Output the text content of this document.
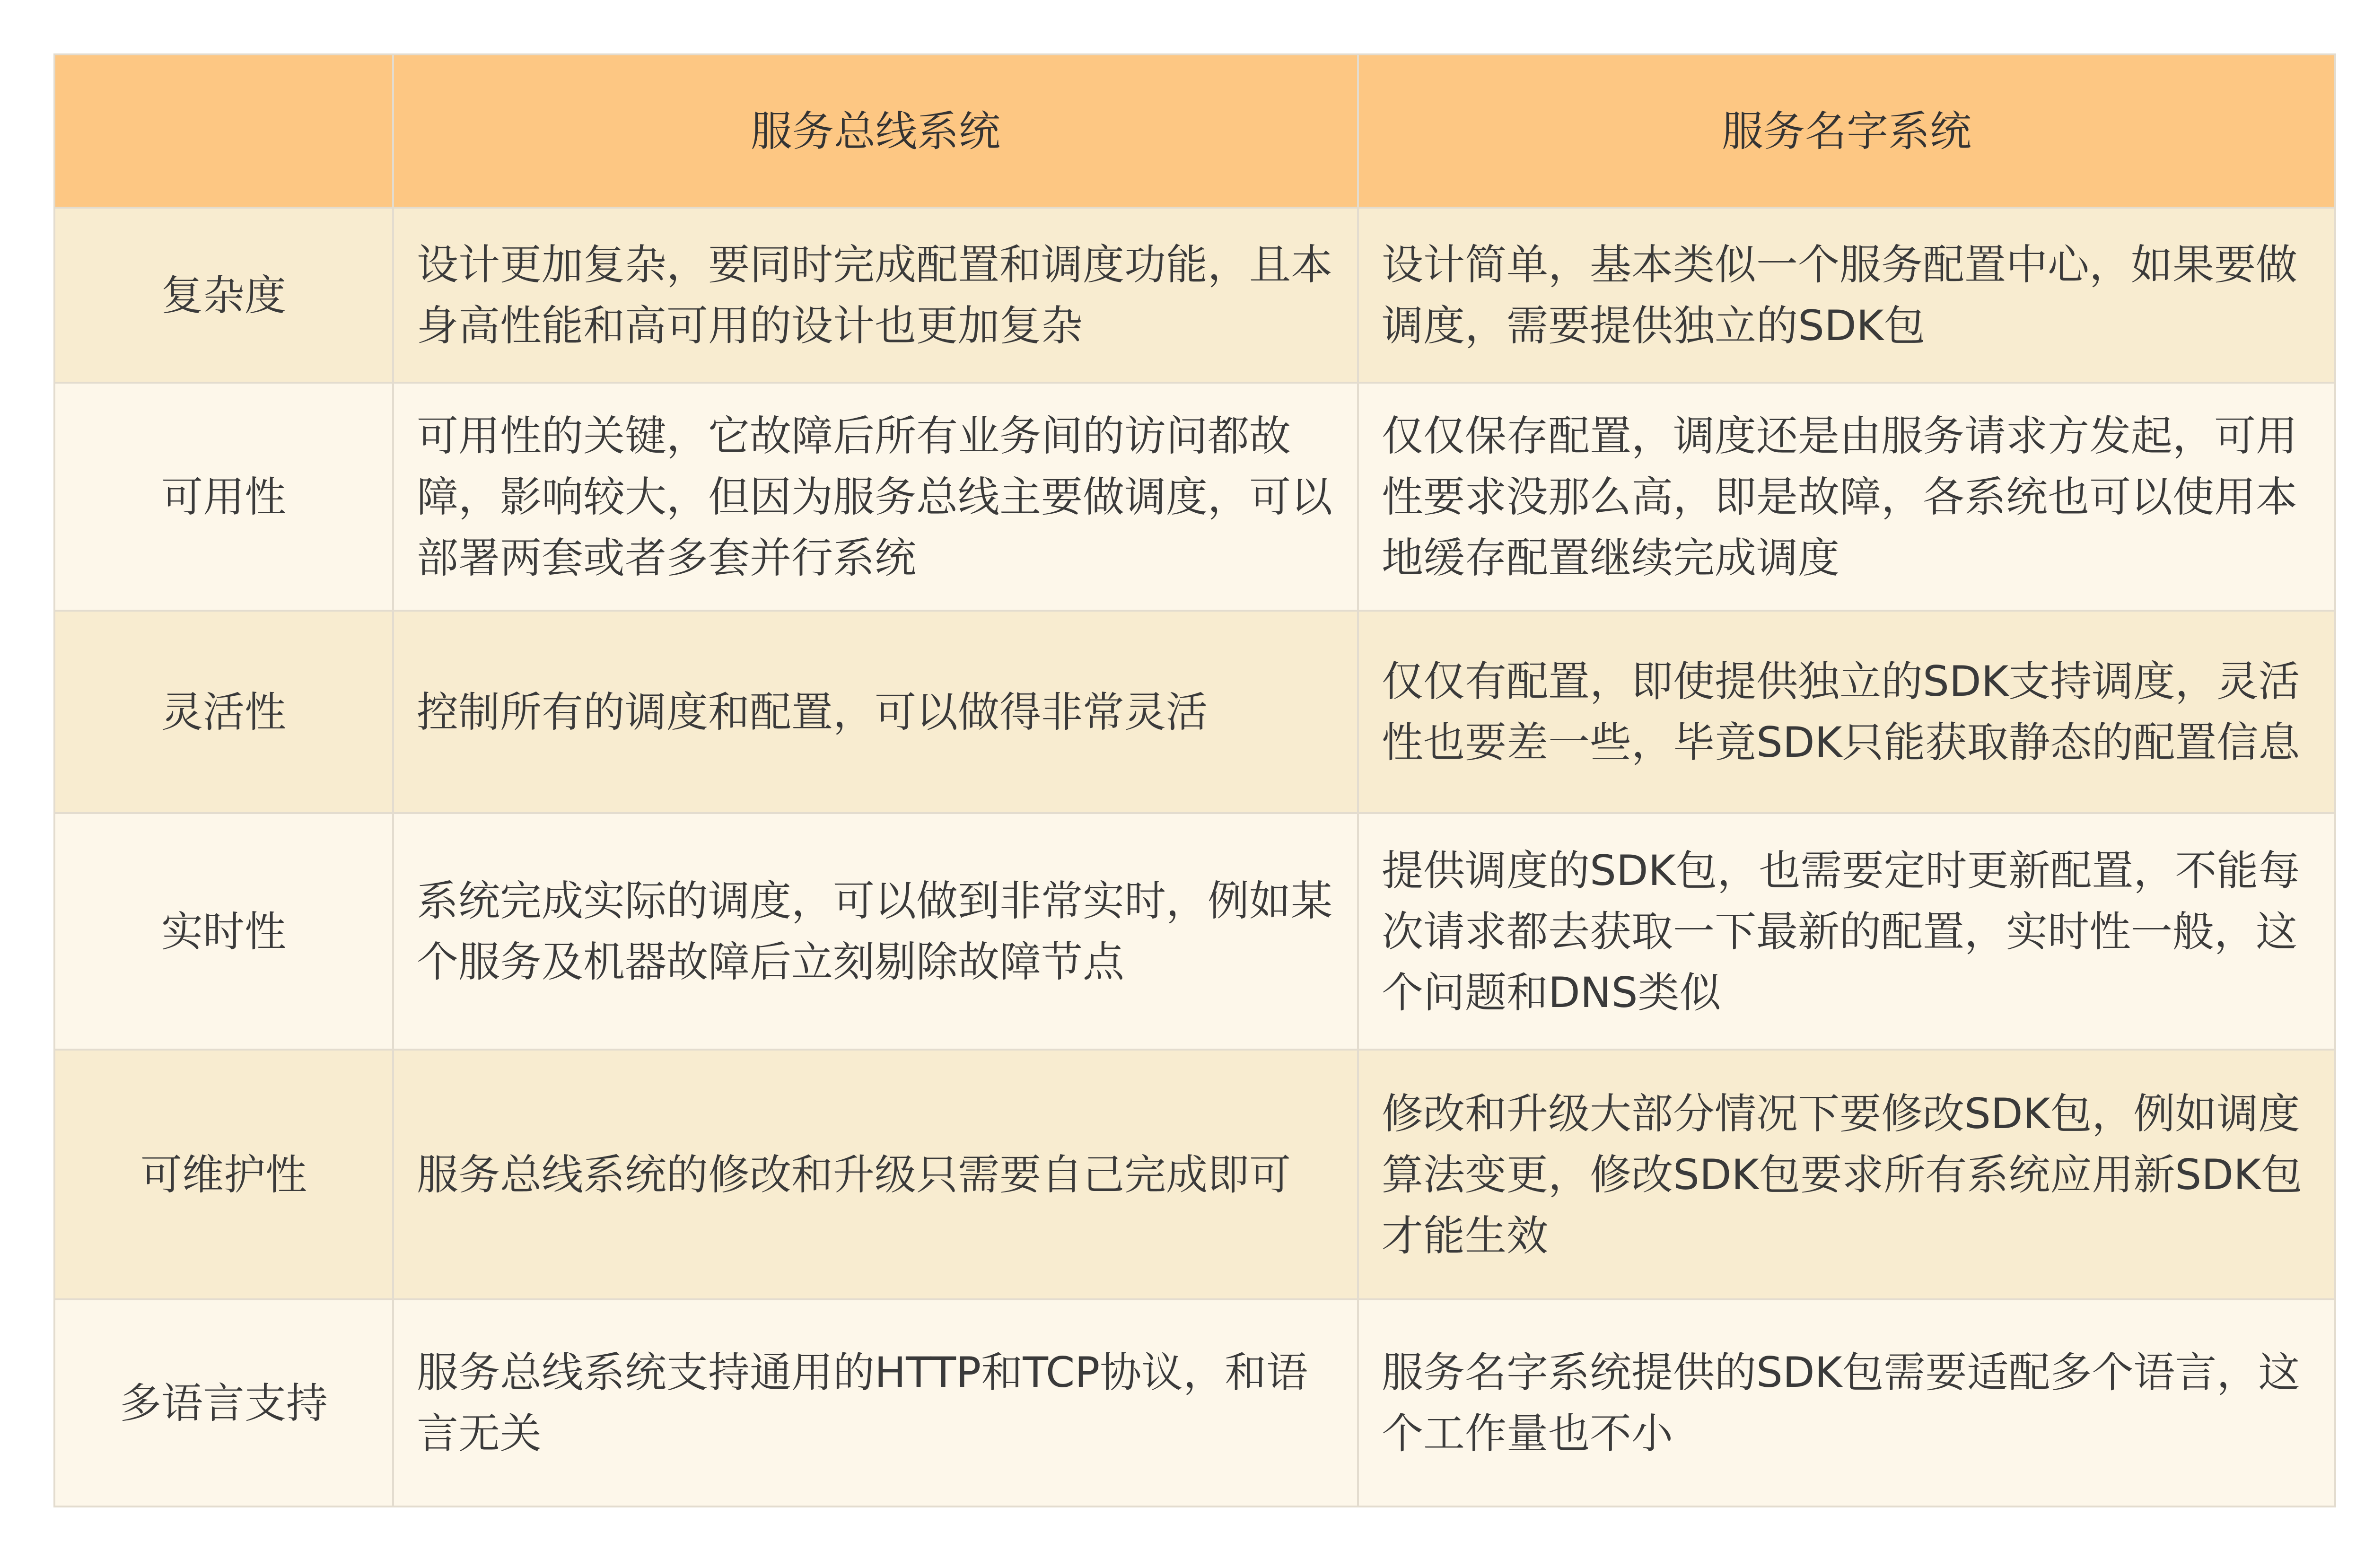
	服务总线系统	服务名字系统
复杂度	设计更加复杂，要同时完成配置和调度功能，且本身高性能和高可用的设计也更加复杂	设计简单，基本类似一个服务配置中心，如果要做调度，需要提供独立的SDK包
可用性	可用性的关键，它故障后所有业务间的访问都故障，影响较大，但因为服务总线主要做调度，可以部署两套或者多套并行系统	仅仅保存配置，调度还是由服务请求方发起，可用性要求没那么高，即是故障，各系统也可以使用本地缓存配置继续完成调度
灵活性	控制所有的调度和配置，可以做得非常灵活	仅仅有配置，即使提供独立的SDK支持调度，灵活性也要差一些，毕竟SDK只能获取静态的配置信息
实时性	系统完成实际的调度，可以做到非常实时，例如某个服务及机器故障后立刻剔除故障节点	提供调度的SDK包，也需要定时更新配置，不能每次请求都去获取一下最新的配置，实时性一般，这个问题和DNS类似
可维护性	服务总线系统的修改和升级只需要自己完成即可	修改和升级大部分情况下要修改SDK包，例如调度算法变更，修改SDK包要求所有系统应用新SDK包才能生效
多语言支持	服务总线系统支持通用的HTTP和TCP协议，和语言无关	服务名字系统提供的SDK包需要适配多个语言，这个工作量也不小
